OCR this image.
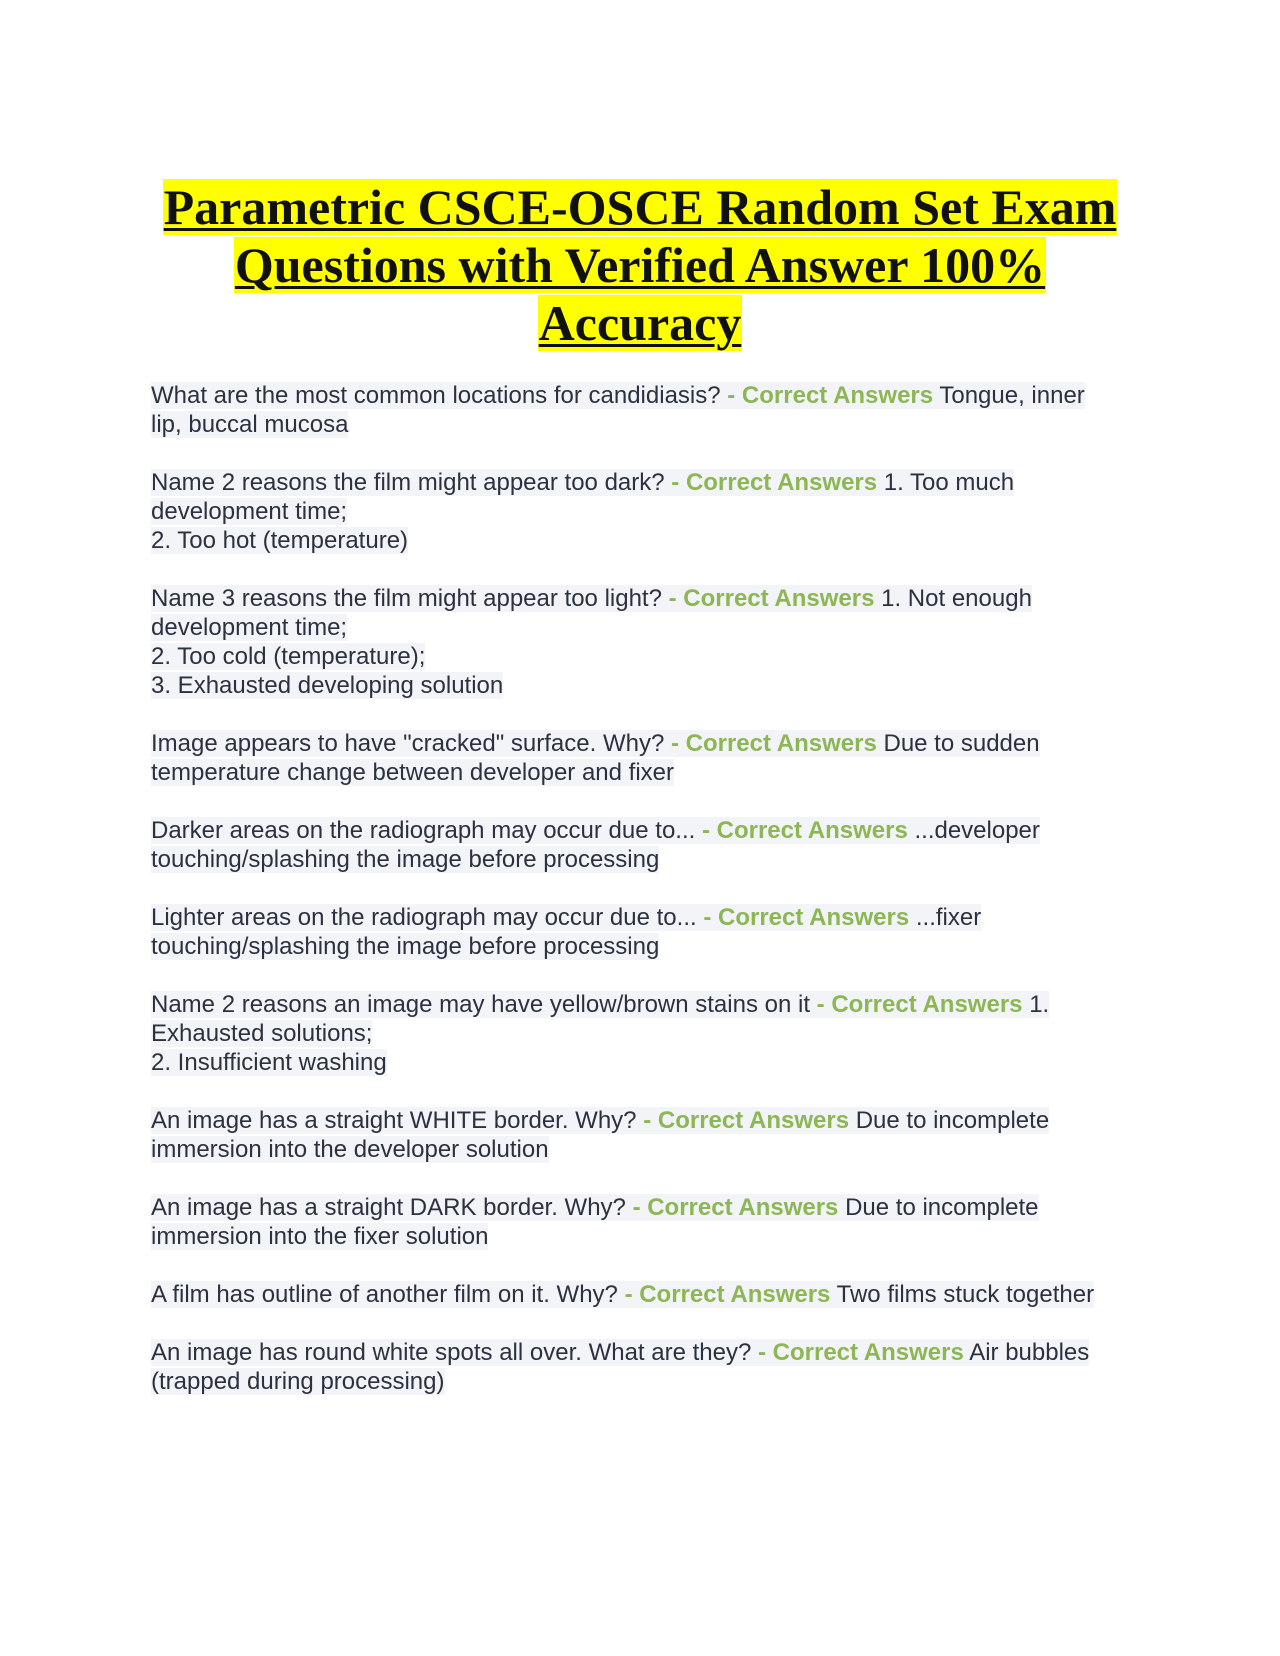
Parametric CSCE-OSCE Random Set Exam
Questions with Verified Answer 100%
Accuracy
What are the most common locations for candidiasis? - Correct Answers Tongue, inner lip, buccal mucosa
Name 2 reasons the film might appear too dark? - Correct Answers 1. Too much development time;
2. Too hot (temperature)
Name 3 reasons the film might appear too light? - Correct Answers 1. Not enough development time;
2. Too cold (temperature);
3. Exhausted developing solution
Image appears to have "cracked" surface. Why? - Correct Answers Due to sudden temperature change between developer and fixer
Darker areas on the radiograph may occur due to... - Correct Answers ...developer touching/splashing the image before processing
Lighter areas on the radiograph may occur due to... - Correct Answers ...fixer touching/splashing the image before processing
Name 2 reasons an image may have yellow/brown stains on it - Correct Answers 1. Exhausted solutions;
2. Insufficient washing
An image has a straight WHITE border. Why? - Correct Answers Due to incomplete immersion into the developer solution
An image has a straight DARK border. Why? - Correct Answers Due to incomplete immersion into the fixer solution
A film has outline of another film on it. Why? - Correct Answers Two films stuck together
An image has round white spots all over. What are they? - Correct Answers Air bubbles (trapped during processing)
